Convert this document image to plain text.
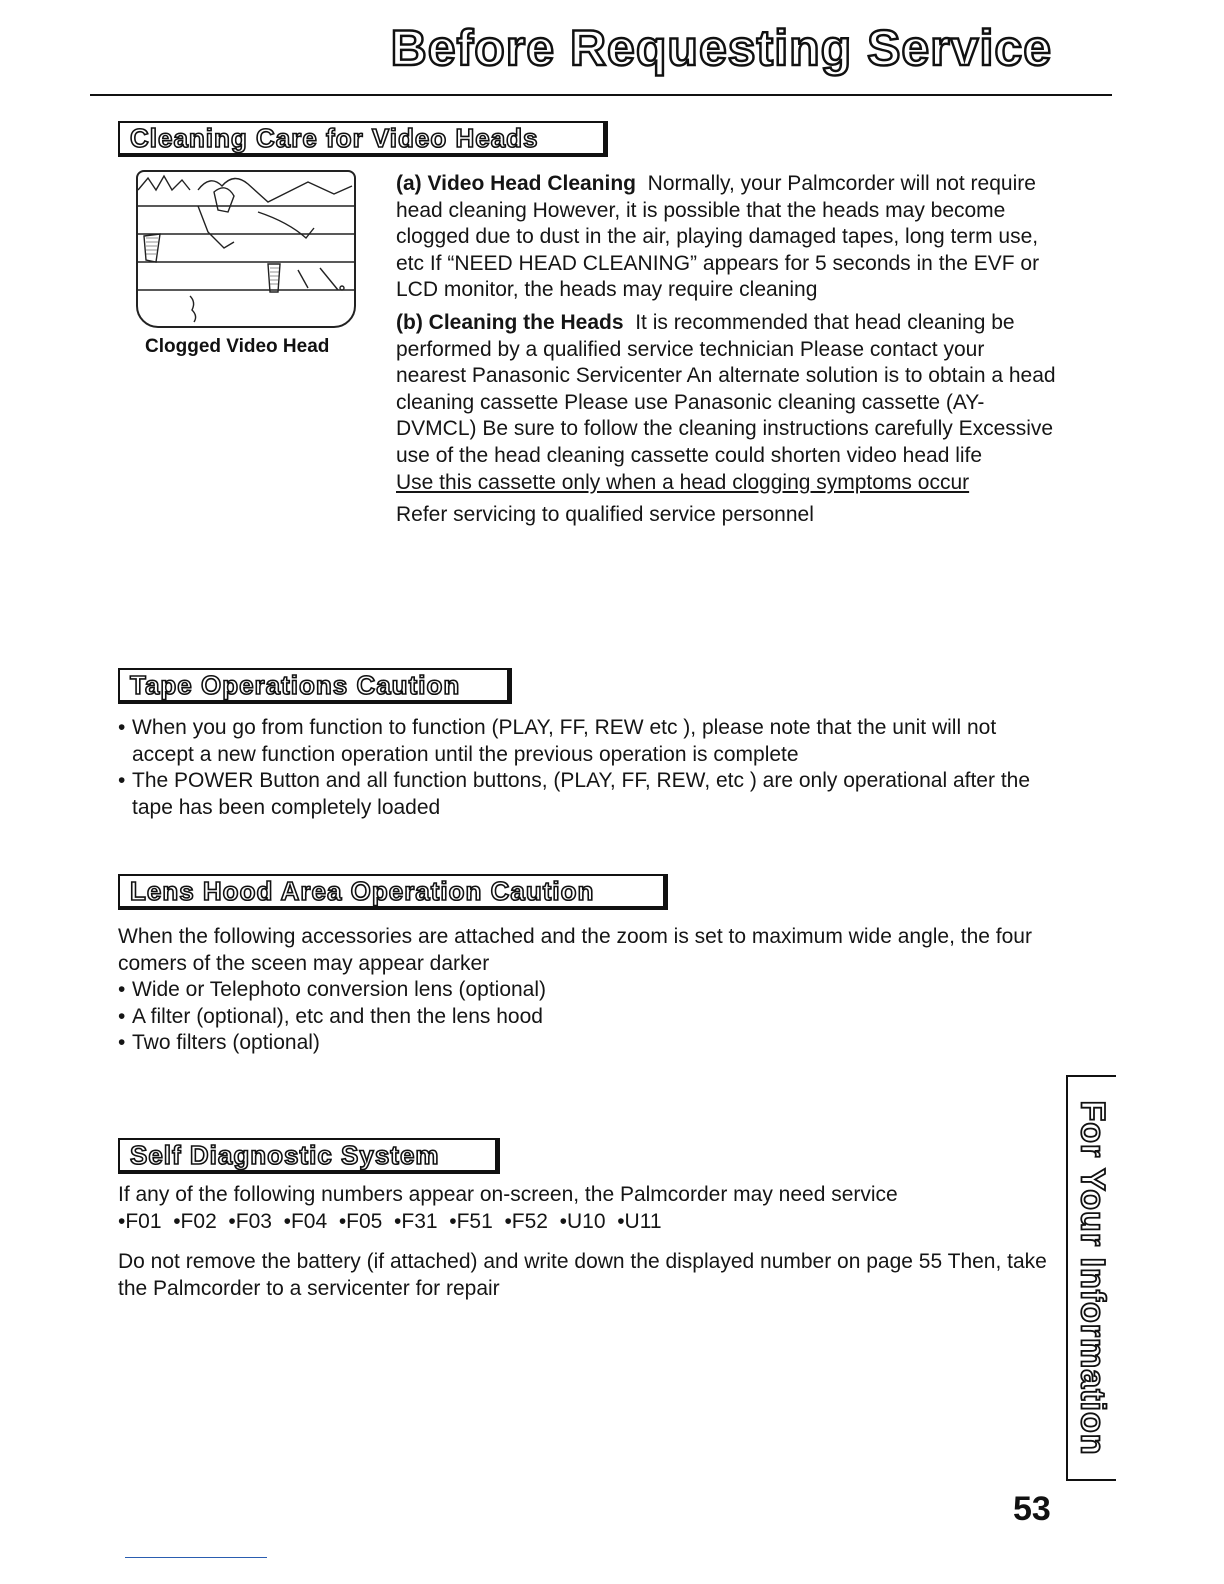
Before Requesting Service
Cleaning Care for Video Heads
Clogged Video Head

(a) Video Head Cleaning Normally, your Palmcorder will not require head cleaning However, it is possible that the heads may become clogged due to dust in the air, playing damaged tapes, long term use, etc If “NEED HEAD CLEANING” appears for 5 seconds in the EVF or LCD monitor, the heads may require cleaning

(b) Cleaning the Heads It is recommended that head cleaning be performed by a qualified service technician Please contact your nearest Panasonic Servicenter An alternate solution is to obtain a head cleaning cassette Please use Panasonic cleaning cassette (AY-DVMCL) Be sure to follow the cleaning instructions carefully Excessive use of the head cleaning cassette could shorten video head life

Use this cassette only when a head clogging symptoms occur

Refer servicing to qualified service personnel

Tape Operations Caution
• When you go from function to function (PLAY, FF, REW etc ), please note that the unit will not accept a new function operation until the previous operation is complete
• The POWER Button and all function buttons, (PLAY, FF, REW, etc ) are only operational after the tape has been completely loaded
Lens Hood Area Operation Caution

When the following accessories are attached and the zoom is set to maximum wide angle, the four comers of the sceen may appear darker

• Wide or Telephoto conversion lens (optional)
• A filter (optional), etc and then the lens hood
• Two filters (optional)
Self Diagnostic System

If any of the following numbers appear on-screen, the Palmcorder may need service

•F01  •F02  •F03  •F04  •F05  •F31  •F51  •F52  •U10  •U11

Do not remove the battery (if attached) and write down the displayed number on page 55 Then, take the Palmcorder to a servicenter for repair	For Your Information
53
